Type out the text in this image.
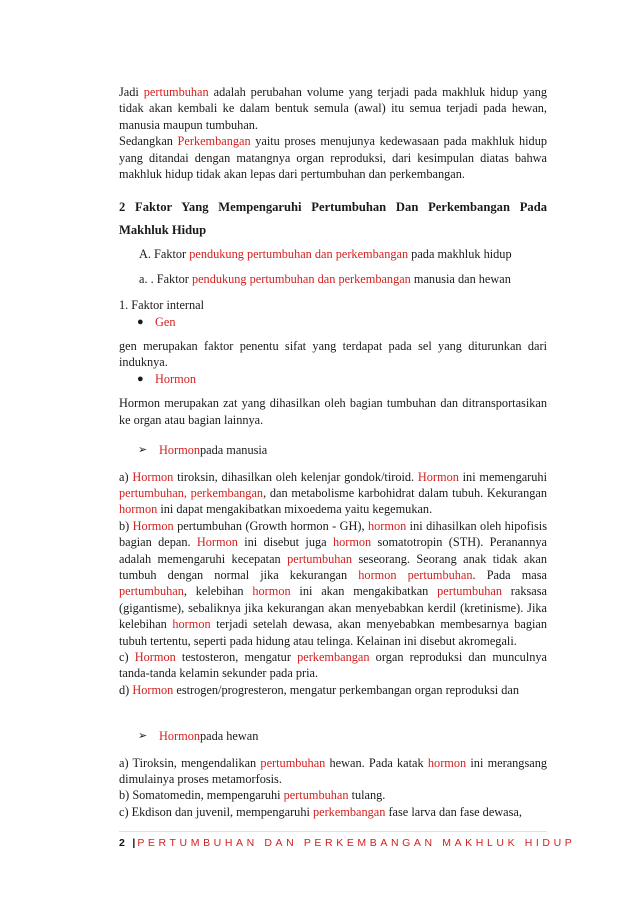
Jadi pertumbuhan adalah perubahan volume yang terjadi pada makhluk hidup yang tidak akan kembali ke dalam bentuk semula (awal) itu semua terjadi pada hewan, manusia maupun tumbuhan.

Sedangkan Perkembangan yaitu proses menujunya kedewasaan pada makhluk hidup yang ditandai dengan matangnya organ reproduksi, dari kesimpulan diatas bahwa makhluk hidup tidak akan lepas dari pertumbuhan dan perkembangan.

2 Faktor Yang Mempengaruhi Pertumbuhan Dan Perkembangan Pada Makhluk Hidup

A. Faktor pendukung pertumbuhan dan perkembangan pada makhluk hidup

a. . Faktor pendukung pertumbuhan dan perkembangan manusia dan hewan

1. Faktor internal

● Gen

gen merupakan faktor penentu sifat yang terdapat pada sel yang diturunkan dari induknya.

● Hormon

Hormon merupakan zat yang dihasilkan oleh bagian tumbuhan dan ditransportasikan ke organ atau bagian lainnya.

➢ Hormon pada manusia

a) Hormon tiroksin, dihasilkan oleh kelenjar gondok/tiroid. Hormon ini memengaruhi pertumbuhan, perkembangan, dan metabolisme karbohidrat dalam tubuh. Kekurangan hormon ini dapat mengakibatkan mixoedema yaitu kegemukan.

b) Hormon pertumbuhan (Growth hormon - GH), hormon ini dihasilkan oleh hipofisis bagian depan. Hormon ini disebut juga hormon somatotropin (STH). Peranannya adalah memengaruhi kecepatan pertumbuhan seseorang. Seorang anak tidak akan tumbuh dengan normal jika kekurangan hormon pertumbuhan. Pada masa pertumbuhan, kelebihan hormon ini akan mengakibatkan pertumbuhan raksasa (gigantisme), sebaliknya jika kekurangan akan menyebabkan kerdil (kretinisme). Jika kelebihan hormon terjadi setelah dewasa, akan menyebabkan membesarnya bagian tubuh tertentu, seperti pada hidung atau telinga. Kelainan ini disebut akromegali.

c) Hormon testosteron, mengatur perkembangan organ reproduksi dan munculnya tanda-tanda kelamin sekunder pada pria.

d) Hormon estrogen/progresteron, mengatur perkembangan organ reproduksi dan

➢ Hormon pada hewan

a) Tiroksin, mengendalikan pertumbuhan hewan. Pada katak hormon ini merangsang dimulainya proses metamorfosis.

b) Somatomedin, mempengaruhi pertumbuhan tulang.

c) Ekdison dan juvenil, mempengaruhi perkembangan fase larva dan fase dewasa,

2 |PERTUMBUHAN DAN PERKEMBANGAN MAKHLUK HIDUP
